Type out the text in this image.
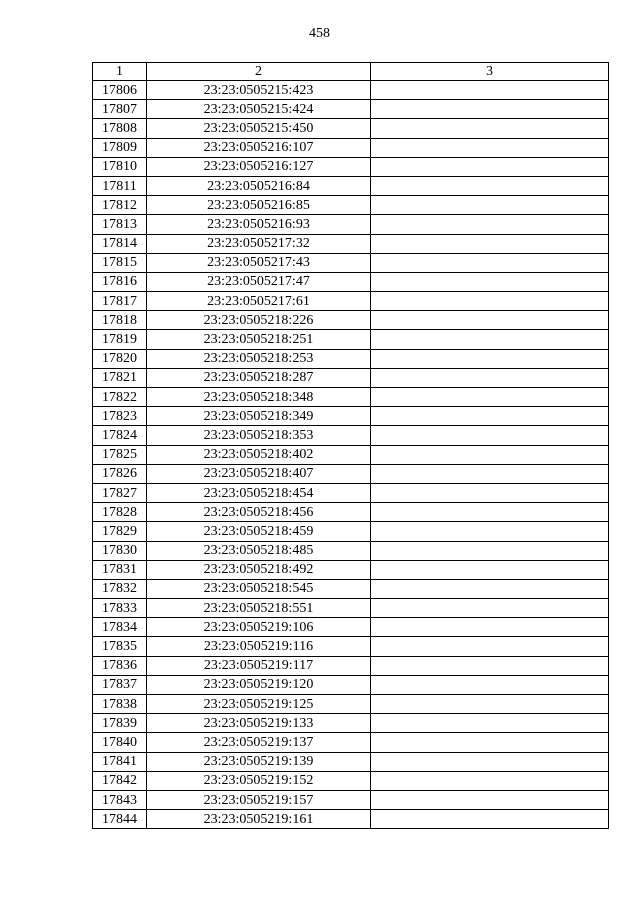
458
1	2	3
17806	23:23:0505215:423	
17807	23:23:0505215:424	
17808	23:23:0505215:450	
17809	23:23:0505216:107	
17810	23:23:0505216:127	
17811	23:23:0505216:84	
17812	23:23:0505216:85	
17813	23:23:0505216:93	
17814	23:23:0505217:32	
17815	23:23:0505217:43	
17816	23:23:0505217:47	
17817	23:23:0505217:61	
17818	23:23:0505218:226	
17819	23:23:0505218:251	
17820	23:23:0505218:253	
17821	23:23:0505218:287	
17822	23:23:0505218:348	
17823	23:23:0505218:349	
17824	23:23:0505218:353	
17825	23:23:0505218:402	
17826	23:23:0505218:407	
17827	23:23:0505218:454	
17828	23:23:0505218:456	
17829	23:23:0505218:459	
17830	23:23:0505218:485	
17831	23:23:0505218:492	
17832	23:23:0505218:545	
17833	23:23:0505218:551	
17834	23:23:0505219:106	
17835	23:23:0505219:116	
17836	23:23:0505219:117	
17837	23:23:0505219:120	
17838	23:23:0505219:125	
17839	23:23:0505219:133	
17840	23:23:0505219:137	
17841	23:23:0505219:139	
17842	23:23:0505219:152	
17843	23:23:0505219:157	
17844	23:23:0505219:161	
